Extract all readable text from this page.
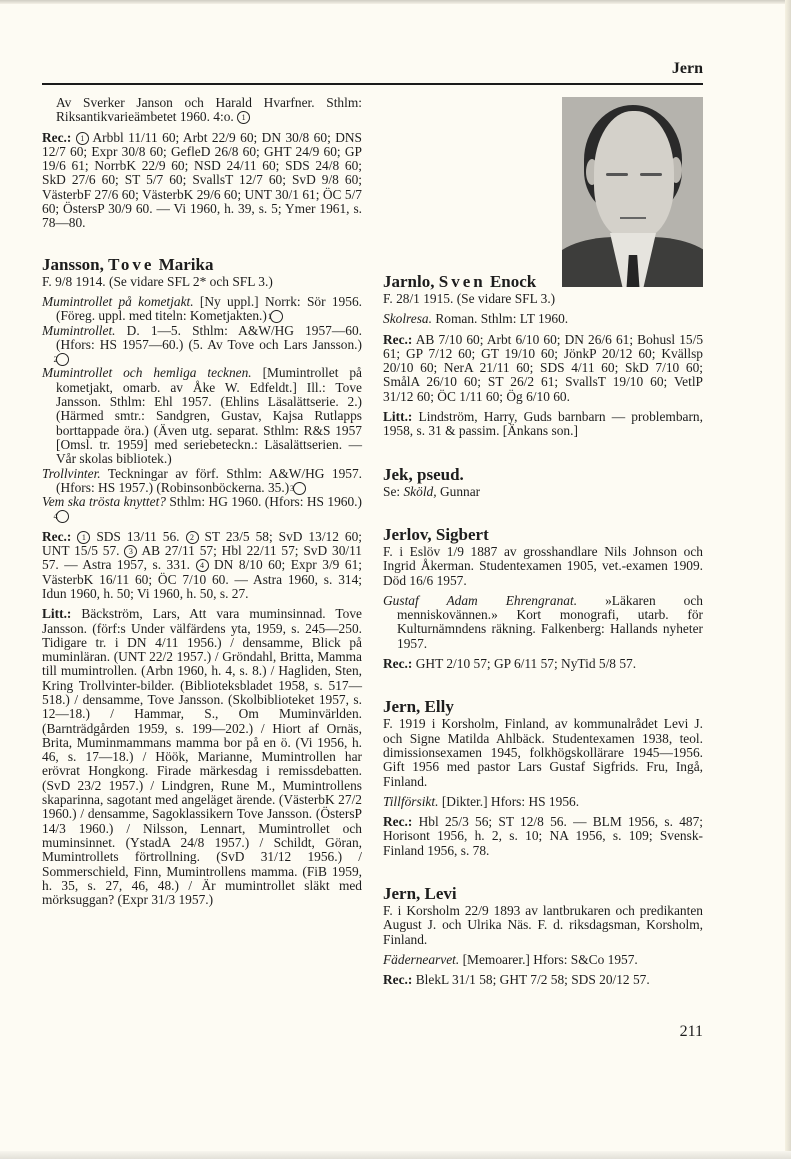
Jern

Av Sverker Janson och Harald Hvarfner. Sthlm: Riksantikvarieämbetet 1960. 4:o. 1

Rec.: 1 Arbbl 11/11 60; Arbt 22/9 60; DN 30/8 60; DNS 12/7 60; Expr 30/8 60; GefleD 26/8 60; GHT 24/9 60; GP 19/6 61; NorrbK 22/9 60; NSD 24/11 60; SDS 24/8 60; SkD 27/6 60; ST 5/7 60; SvallsT 12/7 60; SvD 9/8 60; VästerbF 27/6 60; VästerbK 29/6 60; UNT 30/1 61; ÖC 5/7 60; ÖstersP 30/9 60. — Vi 1960, h. 39, s. 5; Ymer 1961, s. 78—80.

Jansson, Tove Marika

F. 9/8 1914. (Se vidare SFL 2* och SFL 3.)

Mumintrollet på kometjakt. [Ny uppl.] Norrk: Sör 1956. (Föreg. uppl. med titeln: Kometjakten.) 1

Mumintrollet. D. 1—5. Sthlm: A&W/HG 1957—60. (Hfors: HS 1957—60.) (5. Av Tove och Lars Jansson.) 2

Mumintrollet och hemliga tecknen. [Mumintrollet på kometjakt, omarb. av Åke W. Edfeldt.] Ill.: Tove Jansson. Sthlm: Ehl 1957. (Ehlins Läsalättserie. 2.) (Härmed smtr.: Sandgren, Gustav, Kajsa Rutlapps borttappade öra.) (Även utg. separat. Sthlm: R&S 1957 [Omsl. tr. 1959] med seriebeteckn.: Läsalättserien. — Vår skolas bibliotek.)

Trollvinter. Teckningar av förf. Sthlm: A&W/HG 1957. (Hfors: HS 1957.) (Robinsonböckerna. 35.) 3

Vem ska trösta knyttet? Sthlm: HG 1960. (Hfors: HS 1960.) 4

Rec.: 1 SDS 13/11 56. 2 ST 23/5 58; SvD 13/12 60; UNT 15/5 57. 3 AB 27/11 57; Hbl 22/11 57; SvD 30/11 57. — Astra 1957, s. 331. 4 DN 8/10 60; Expr 3/9 61; VästerbK 16/11 60; ÖC 7/10 60. — Astra 1960, s. 314; Idun 1960, h. 50; Vi 1960, h. 50, s. 27.

Litt.: Bäckström, Lars, Att vara muminsinnad. Tove Jansson. (förf:s Under välfärdens yta, 1959, s. 245—250. Tidigare tr. i DN 4/11 1956.) / densamme, Blick på muminläran. (UNT 22/2 1957.) / Gröndahl, Britta, Mamma till mumintrollen. (Arbn 1960, h. 4, s. 8.) / Hagliden, Sten, Kring Trollvinter-bilder. (Biblioteksbladet 1958, s. 517—518.) / densamme, Tove Jansson. (Skolbiblioteket 1957, s. 12—18.) / Hammar, S., Om Muminvärlden. (Barnträdgården 1959, s. 199—202.) / Hiort af Ornäs, Brita, Muminmammans mamma bor på en ö. (Vi 1956, h. 46, s. 17—18.) / Höök, Marianne, Mumintrollen har erövrat Hongkong. Firade märkesdag i remissdebatten. (SvD 23/2 1957.) / Lindgren, Rune M., Mumintrollens skaparinna, sagotant med angeläget ärende. (VästerbK 27/2 1960.) / densamme, Sagoklassikern Tove Jansson. (ÖstersP 14/3 1960.) / Nilsson, Lennart, Mumintrollet och muminsinnet. (YstadA 24/8 1957.) / Schildt, Göran, Mumintrollets förtrollning. (SvD 31/12 1956.) / Sommerschield, Finn, Mumintrollens mamma. (FiB 1959, h. 35, s. 27, 46, 48.) / Är mumintrollet släkt med mörksuggan? (Expr 31/3 1957.)

Jarnlo, Sven Enock

F. 28/1 1915. (Se vidare SFL 3.)

Skolresa. Roman. Sthlm: LT 1960.

Rec.: AB 7/10 60; Arbt 6/10 60; DN 26/6 61; Bohusl 15/5 61; GP 7/12 60; GT 19/10 60; JönkP 20/12 60; Kvällsp 20/10 60; NerA 21/11 60; SDS 4/11 60; SkD 7/10 60; SmålA 26/10 60; ST 26/2 61; SvallsT 19/10 60; VetlP 31/12 60; ÖC 1/11 60; Ög 6/10 60.

Litt.: Lindström, Harry, Guds barnbarn — problembarn, 1958, s. 31 & passim. [Änkans son.]

Jek, pseud.

Se: Sköld, Gunnar

Jerlov, Sigbert

F. i Eslöv 1/9 1887 av grosshandlare Nils Johnson och Ingrid Åkerman. Studentexamen 1905, vet.-examen 1909. Död 16/6 1957.

Gustaf Adam Ehrengranat. »Läkaren och menniskovännen.» Kort monografi, utarb. för Kulturnämndens räkning. Falkenberg: Hallands nyheter 1957.

Rec.: GHT 2/10 57; GP 6/11 57; NyTid 5/8 57.

Jern, Elly

F. 1919 i Korsholm, Finland, av kommunalrådet Levi J. och Signe Matilda Ahlbäck. Studentexamen 1938, teol. dimissionsexamen 1945, folkhögskollärare 1945—1956. Gift 1956 med pastor Lars Gustaf Sigfrids. Fru, Ingå, Finland.

Tillförsikt. [Dikter.] Hfors: HS 1956.

Rec.: Hbl 25/3 56; ST 12/8 56. — BLM 1956, s. 487; Horisont 1956, h. 2, s. 10; NA 1956, s. 109; Svensk-Finland 1956, s. 78.

Jern, Levi

F. i Korsholm 22/9 1893 av lantbrukaren och predikanten August J. och Ulrika Näs. F. d. riksdagsman, Korsholm, Finland.

Fädernearvet. [Memoarer.] Hfors: S&Co 1957.

Rec.: BlekL 31/1 58; GHT 7/2 58; SDS 20/12 57.

211
